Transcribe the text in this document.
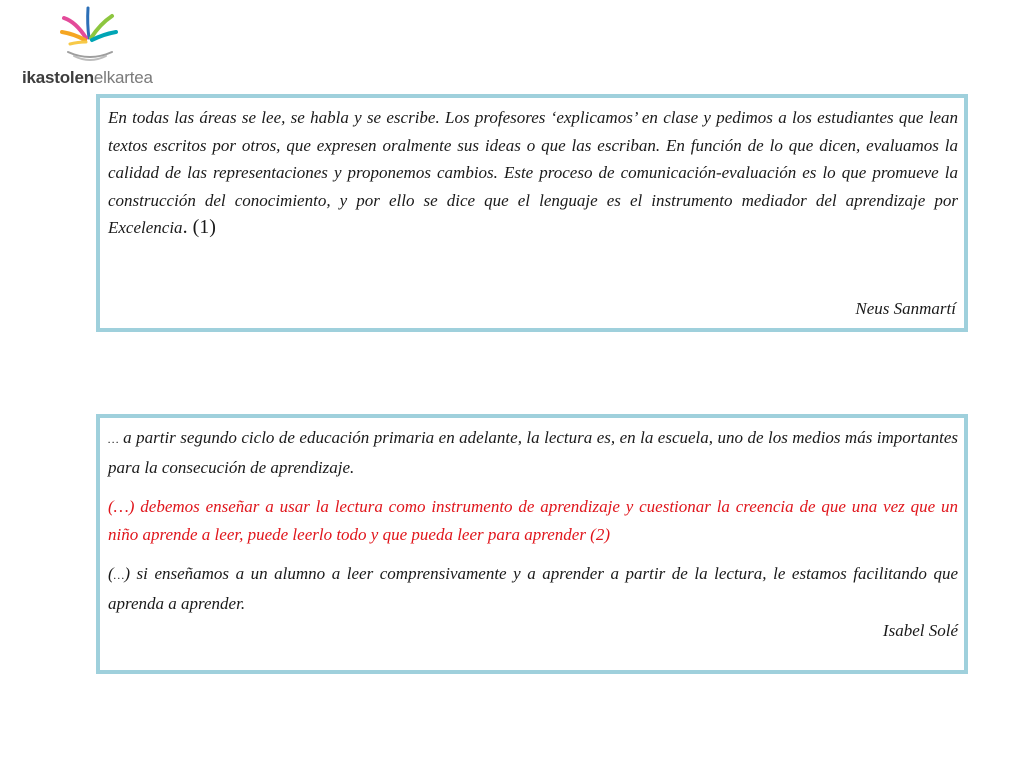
ikastolenelkartea

En todas las áreas se lee, se habla y se escribe. Los profesores ‘explicamos’ en clase y pedimos a los estudiantes que lean textos escritos por otros, que expresen oralmente sus ideas o que las escriban. En función de lo que dicen, evaluamos la calidad de las representaciones y proponemos cambios. Este proceso de comunicación-evaluación es lo que promueve la construcción del conocimiento, y por ello se dice que el lenguaje es el instrumento mediador del aprendizaje por Excelencia. (1)

Neus Sanmartí

… a partir segundo ciclo de educación primaria en adelante, la lectura es, en la escuela, uno de los medios más importantes para la consecución de aprendizaje.

(…) debemos enseñar a usar la lectura como instrumento de aprendizaje y cuestionar la creencia de que una vez que un niño aprende a leer, puede leerlo todo y que pueda leer para aprender (2)

(…) si enseñamos a un alumno a leer comprensivamente y a aprender a partir de la lectura, le estamos facilitando que aprenda a aprender.

Isabel Solé
